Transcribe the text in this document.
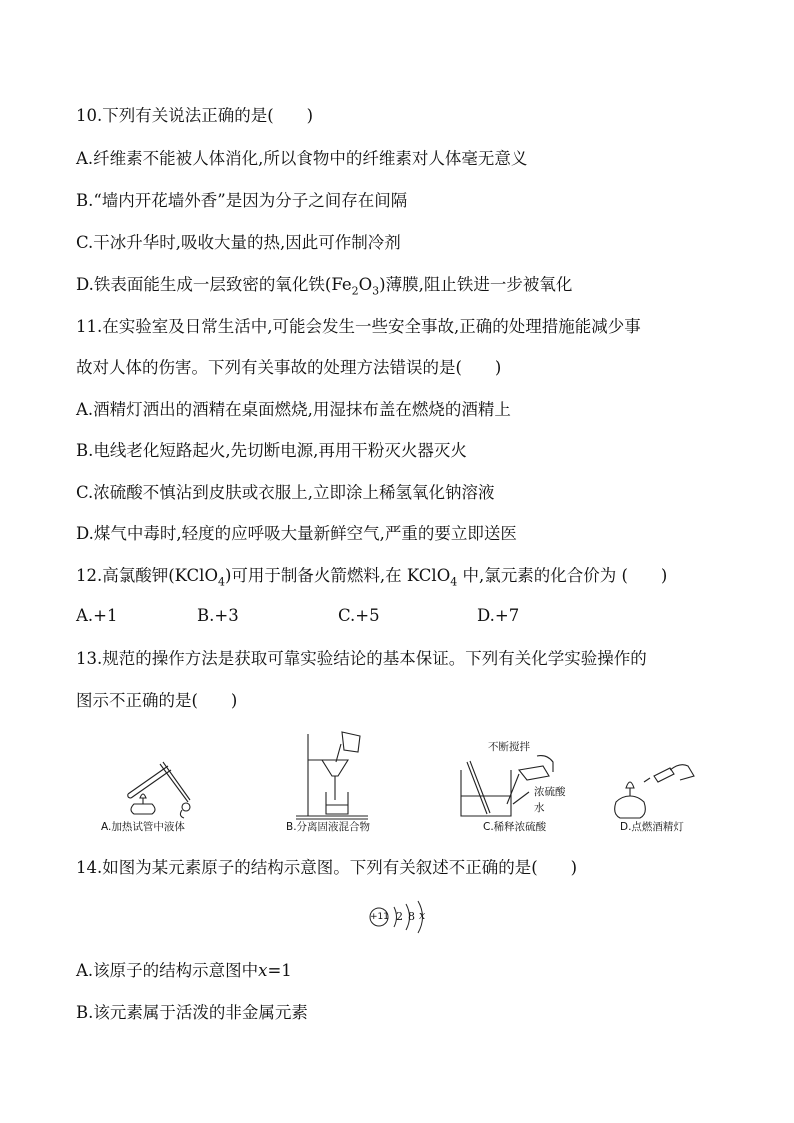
10.下列有关说法正确的是(　　)
A.纤维素不能被人体消化,所以食物中的纤维素对人体毫无意义
B.“墙内开花墙外香”是因为分子之间存在间隔
C.干冰升华时,吸收大量的热,因此可作制冷剂
D.铁表面能生成一层致密的氧化铁$(Fe_2O_3)$薄膜,阻止铁进一步被氧化
11.在实验室及日常生活中,可能会发生一些安全事故,正确的处理措施能减少事
故对人体的伤害。下列有关事故的处理方法错误的是(　　)
A.酒精灯洒出的酒精在桌面燃烧,用湿抹布盖在燃烧的酒精上
B.电线老化短路起火,先切断电源,再用干粉灭火器灭火
C.浓硫酸不慎沾到皮肤或衣服上,立即涂上稀氢氧化钠溶液
D.煤气中毒时,轻度的应呼吸大量新鲜空气,严重的要立即送医
12.高氯酸钾(KClO$_4$)可用于制备火箭燃料,在 KClO$_4$ 中,氯元素的化合价为 (　　)
A.+1	B.+3	C.+5	D.+7
13.规范的操作方法是获取可靠实验结论的基本保证。下列有关化学实验操作的
图示不正确的是(　　)
A.加热试管中液体	B.分离固液混合物
不断搅拌
浓硫酸
水
C.稀释浓硫酸	D.点燃酒精灯
14.如图为某元素原子的结构示意图。下列有关叙述不正确的是(　　)
+11 2 8 x
A.该原子的结构示意图中x=1
B.该元素属于活泼的非金属元素
